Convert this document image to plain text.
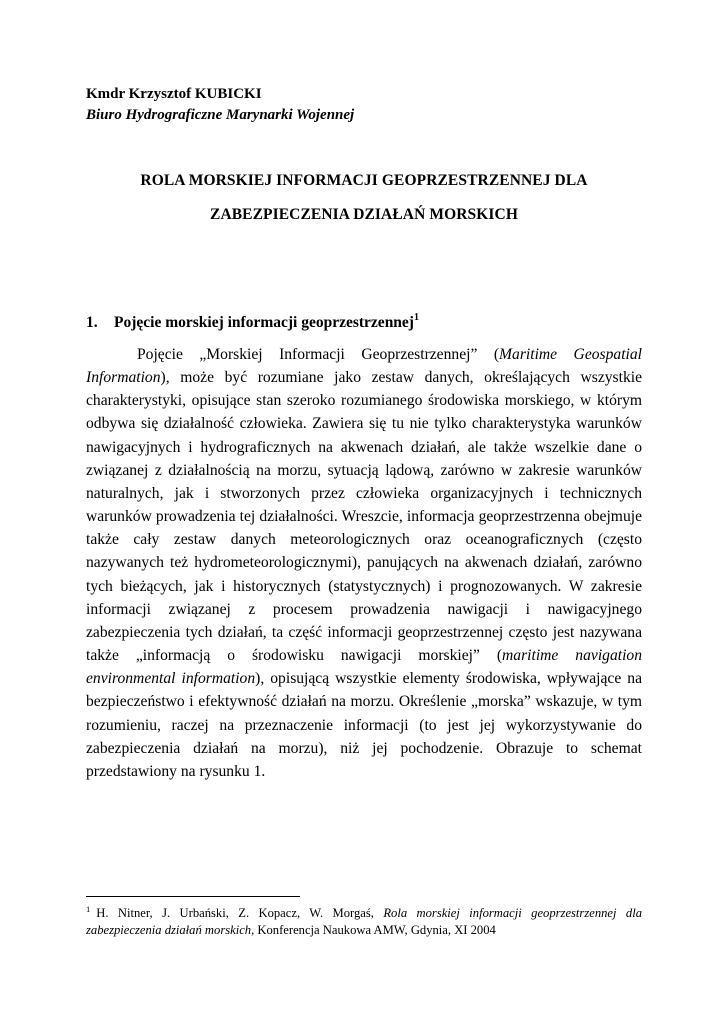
Kmdr Krzysztof KUBICKI
Biuro Hydrograficzne Marynarki Wojennej
ROLA MORSKIEJ INFORMACJI GEOPRZESTRZENNEJ DLA
ZABEZPIECZENIA DZIAŁAŃ MORSKICH
1. Pojęcie morskiej informacji geoprzestrzennej$^1$

Pojęcie „Morskiej Informacji Geoprzestrzennej” (Maritime Geospatial Information), może być rozumiane jako zestaw danych, określających wszystkie charakterystyki, opisujące stan szeroko rozumianego środowiska morskiego, w którym odbywa się działalność człowieka. Zawiera się tu nie tylko charakterystyka warunków nawigacyjnych i hydrograficznych na akwenach działań, ale także wszelkie dane o związanej z działalnością na morzu, sytuacją lądową, zarówno w zakresie warunków naturalnych, jak i stworzonych przez człowieka organizacyjnych i technicznych warunków prowadzenia tej działalności. Wreszcie, informacja geoprzestrzenna obejmuje także cały zestaw danych meteorologicznych oraz oceanograficznych (często nazywanych też hydrometeorologicznymi), panujących na akwenach działań, zarówno tych bieżących, jak i historycznych (statystycznych) i prognozowanych. W zakresie informacji związanej z procesem prowadzenia nawigacji i nawigacyjnego zabezpieczenia tych działań, ta część informacji geoprzestrzennej często jest nazywana także „informacją o środowisku nawigacji morskiej” (maritime navigation environmental information), opisującą wszystkie elementy środowiska, wpływające na bezpieczeństwo i efektywność działań na morzu. Określenie „morska” wskazuje, w tym rozumieniu, raczej na przeznaczenie informacji (to jest jej wykorzystywanie do zabezpieczenia działań na morzu), niż jej pochodzenie. Obrazuje to schemat przedstawiony na rysunku 1.

$^1$ H. Nitner, J. Urbański, Z. Kopacz, W. Morgaś, Rola morskiej informacji geoprzestrzennej dla zabezpieczenia działań morskich, Konferencja Naukowa AMW, Gdynia, XI 2004
